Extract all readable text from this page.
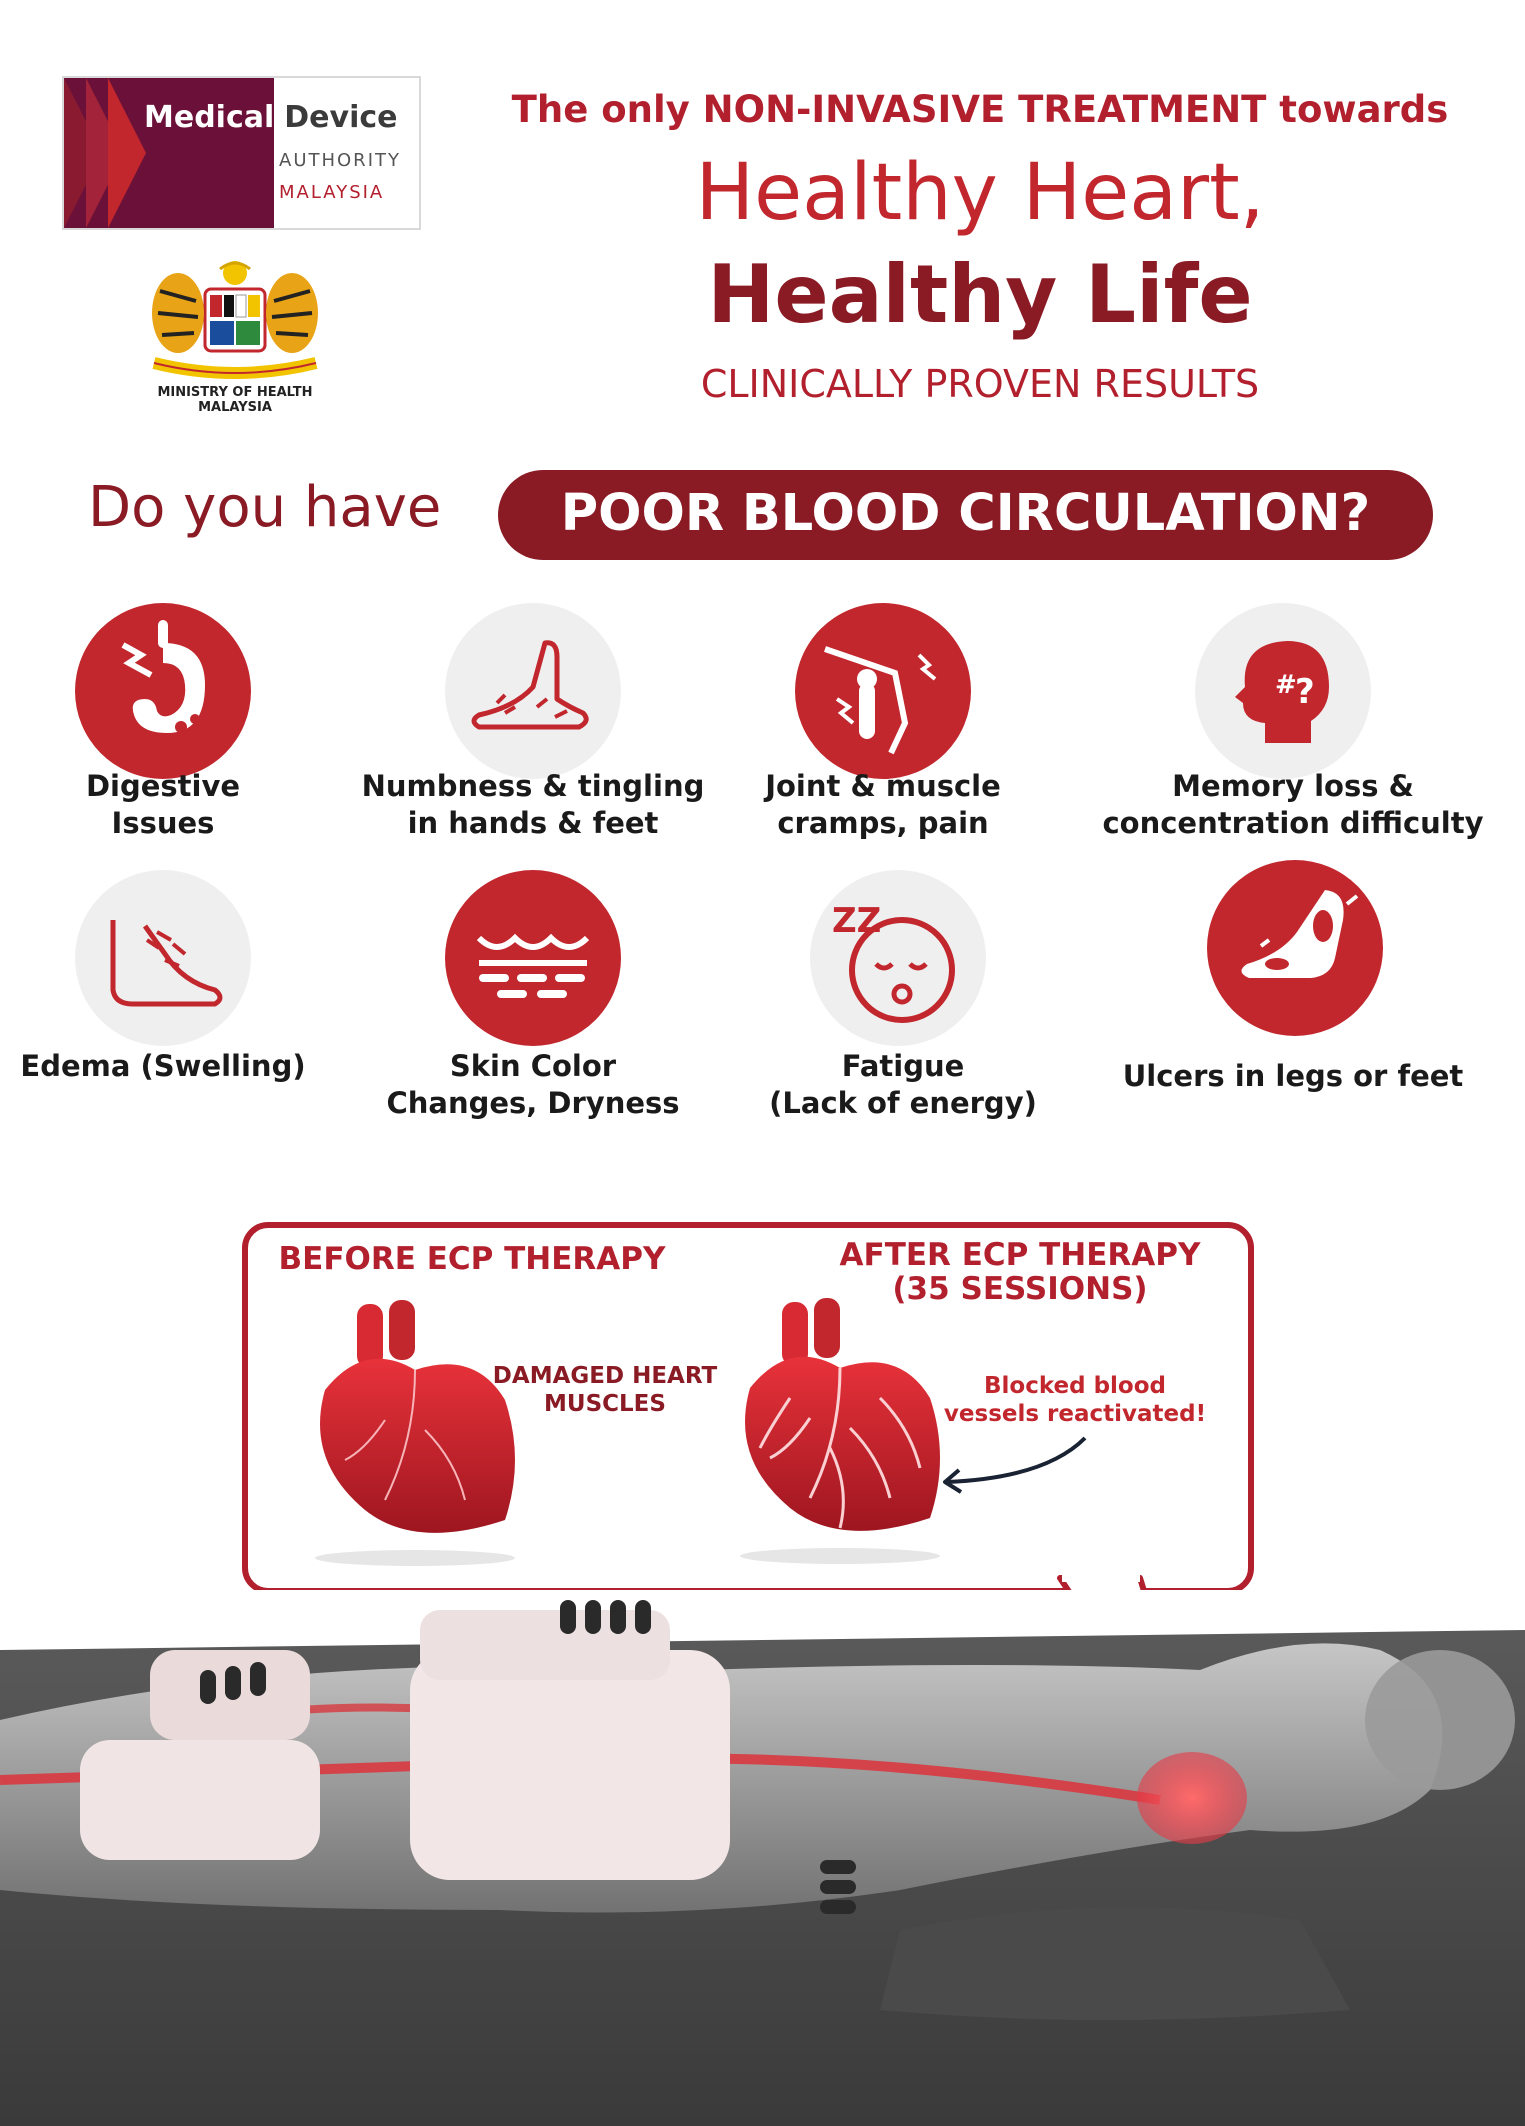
Medical Device
AUTHORITY
MALAYSIA
MINISTRY OF HEALTH
MALAYSIA
The only NON-INVASIVE TREATMENT towards
Healthy Heart,
Healthy Life
CLINICALLY PROVEN RESULTS
Do you have	POOR BLOOD CIRCULATION?
Digestive
Issues
Numbness & tingling
in hands & feet
Joint & muscle
cramps, pain
#
?
Memory loss &
concentration difficulty
Edema (Swelling)	Skin Color
Changes, Dryness
ZZ
Fatigue
(Lack of energy)
Ulcers in legs or feet
BEFORE ECP THERAPY
DAMAGED HEART
MUSCLES
AFTER ECP THERAPY
(35 SESSIONS)
Blocked blood
vessels reactivated!
